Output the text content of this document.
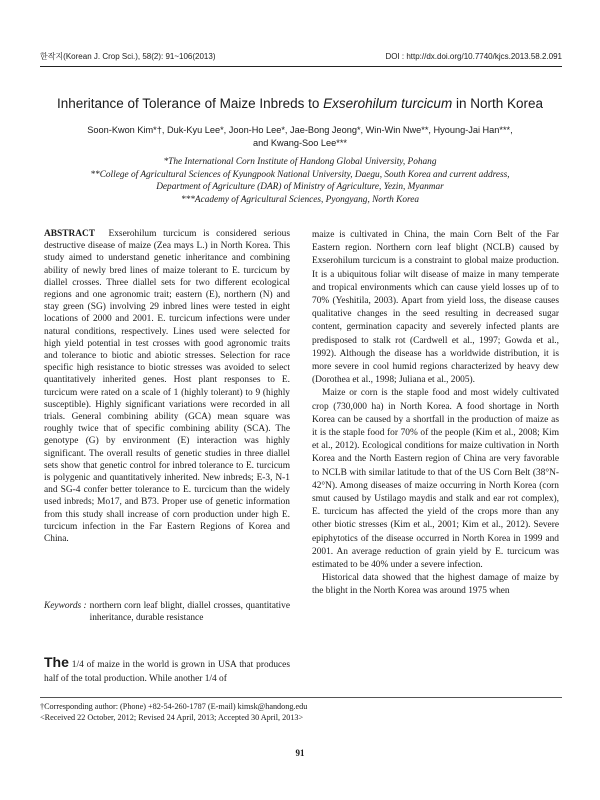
한작지(Korean J. Crop Sci.), 58(2): 91~106(2013)	DOI : http://dx.doi.org/10.7740/kjcs.2013.58.2.091
Inheritance of Tolerance of Maize Inbreds to Exserohilum turcicum in North Korea
Soon-Kwon Kim*†, Duk-Kyu Lee*, Joon-Ho Lee*, Jae-Bong Jeong*, Win-Win Nwe**, Hyoung-Jai Han***,
and Kwang-Soo Lee***
*The International Corn Institute of Handong Global University, Pohang
**College of Agricultural Sciences of Kyungpook National University, Daegu, South Korea and current address,
Department of Agriculture (DAR) of Ministry of Agriculture, Yezin, Myanmar
***Academy of Agricultural Sciences, Pyongyang, North Korea

ABSTRACT Exserohilum turcicum is considered serious destructive disease of maize (Zea mays L.) in North Korea. This study aimed to understand genetic inheritance and combining ability of newly bred lines of maize tolerant to E. turcicum by diallel crosses. Three diallel sets for two different ecological regions and one agronomic trait; eastern (E), northern (N) and stay green (SG) involving 29 inbred lines were tested in eight locations of 2000 and 2001. E. turcicum infections were under natural conditions, respectively. Lines used were selected for high yield potential in test crosses with good agronomic traits and tolerance to biotic and abiotic stresses. Selection for race specific high resistance to biotic stresses was avoided to select quantitatively inherited genes. Host plant responses to E. turcicum were rated on a scale of 1 (highly tolerant) to 9 (highly susceptible). Highly significant variations were recorded in all trials. General combining ability (GCA) mean square was roughly twice that of specific combining ability (SCA). The genotype (G) by environment (E) interaction was highly significant. The overall results of genetic studies in three diallel sets show that genetic control for inbred tolerance to E. turcicum is polygenic and quantitatively inherited. New inbreds; E-3, N-1 and SG-4 confer better tolerance to E. turcicum than the widely used inbreds; Mo17, and B73. Proper use of genetic information from this study shall increase of corn production under high E. turcicum infection in the Far Eastern Regions of Korea and China.

Keywords : northern corn leaf blight, diallel crosses, quantitative inheritance, durable resistance
The 1/4 of maize in the world is grown in USA that produces half of the total production. While another 1/4 of

maize is cultivated in China, the main Corn Belt of the Far Eastern region. Northern corn leaf blight (NCLB) caused by Exserohilum turcicum is a constraint to global maize production. It is a ubiquitous foliar wilt disease of maize in many temperate and tropical environments which can cause yield losses up of to 70% (Yeshitila, 2003). Apart from yield loss, the disease causes qualitative changes in the seed resulting in decreased sugar content, germination capacity and severely infected plants are predisposed to stalk rot (Cardwell et al., 1997; Gowda et al., 1992). Although the disease has a worldwide distribution, it is more severe in cool humid regions characterized by heavy dew (Dorothea et al., 1998; Juliana et al., 2005).

Maize or corn is the staple food and most widely cultivated crop (730,000 ha) in North Korea. A food shortage in North Korea can be caused by a shortfall in the production of maize as it is the staple food for 70% of the people (Kim et al., 2008; Kim et al., 2012). Ecological conditions for maize cultivation in North Korea and the North Eastern region of China are very favorable to NCLB with similar latitude to that of the US Corn Belt (38°N-42°N). Among diseases of maize occurring in North Korea (corn smut caused by Ustilago maydis and stalk and ear rot complex), E. turcicum has affected the yield of the crops more than any other biotic stresses (Kim et al., 2001; Kim et al., 2012). Severe epiphytotics of the disease occurred in North Korea in 1999 and 2001. An average reduction of grain yield by E. turcicum was estimated to be 40% under a severe infection.

Historical data showed that the highest damage of maize by the blight in the North Korea was around 1975 when

†Corresponding author: (Phone) +82-54-260-1787 (E-mail) kimsk@handong.edu
<Received 22 October, 2012; Revised 24 April, 2013; Accepted 30 April, 2013>
91
